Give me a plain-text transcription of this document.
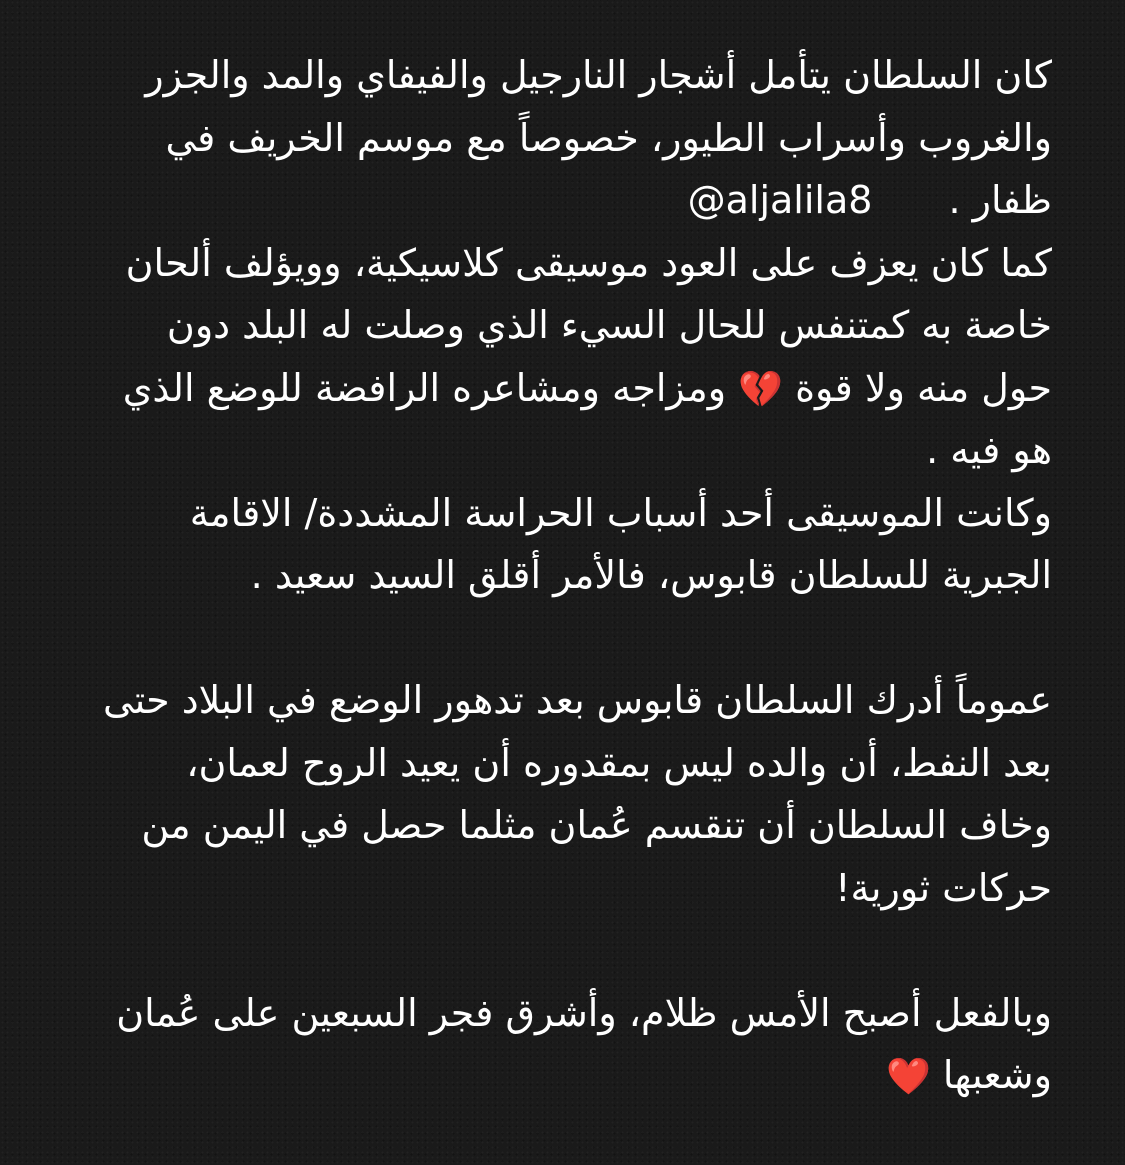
كان السلطان يتأمل أشجار النارجيل والفيفاي والمد والجزر
والغروب وأسراب الطيور، خصوصاً مع موسم الخريف في
ظفار .
@aljalila8
كما كان يعزف على العود موسيقى كلاسيكية، وويؤلف ألحان
خاصة به كمتنفس للحال السيء الذي وصلت له البلد دون
حول منه ولا قوة 💔 ومزاجه ومشاعره الرافضة للوضع الذي
هو فيه .
وكانت الموسيقى أحد أسباب الحراسة المشددة/ الاقامة
الجبرية للسلطان قابوس، فالأمر أقلق السيد سعيد .
عموماً أدرك السلطان قابوس بعد تدهور الوضع في البلاد حتى
بعد النفط، أن والده ليس بمقدوره أن يعيد الروح لعمان،
وخاف السلطان أن تنقسم عُمان مثلما حصل في اليمن من
حركات ثورية!
وبالفعل أصبح الأمس ظلام، وأشرق فجر السبعين على عُمان
وشعبها ❤️
